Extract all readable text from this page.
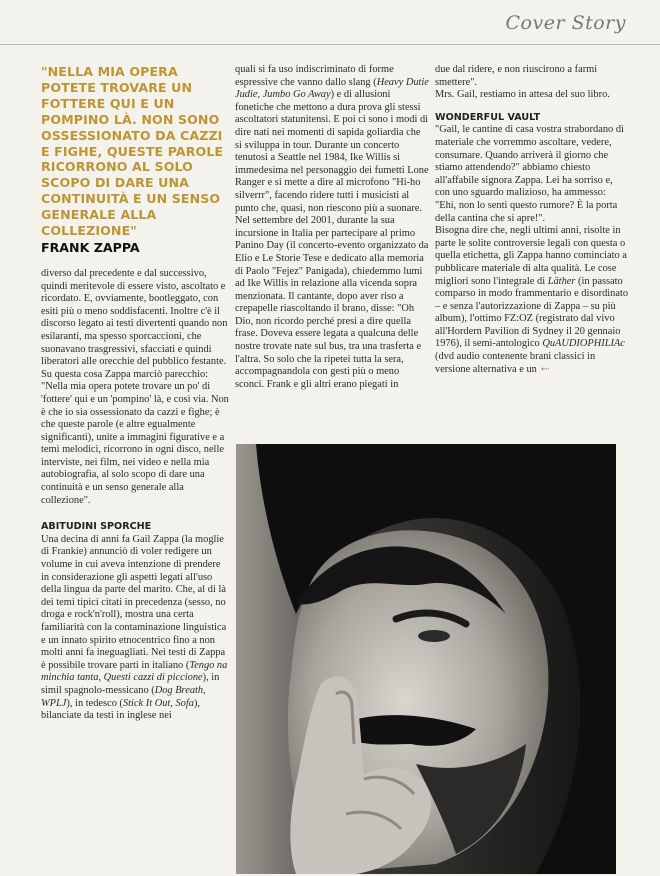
Cover Story

"NELLA MIA OPERA POTETE TROVARE UN FOTTERE QUI E UN POMPINO LÀ. NON SONO OSSESSIONATO DA CAZZI E FIGHE, QUESTE PAROLE RICORRONO AL SOLO SCOPO DI DARE UNA CONTINUITÀ E UN SENSO GENERALE ALLA COLLEZIONE"

FRANK ZAPPA

diverso dal precedente e dal successivo, quindi meritevole di essere visto, ascoltato e ricordato. E, ovviamente, bootleggato, con esiti più o meno soddisfacenti. Inoltre c'è il discorso legato ai testi divertenti quando non esilaranti, ma spesso sporcaccioni, che suonavano trasgressivi, sfacciati e quindi liberatori alle orecchie del pubblico festante. Su questa cosa Zappa marciò parecchio: "Nella mia opera potete trovare un po' di 'fottere' qui e un 'pompino' là, e così via. Non è che io sia ossessionato da cazzi e fighe; è che queste parole (e altre egualmente significanti), unite a immagini figurative e a temi melodici, ricorrono in ogni disco, nelle interviste, nei film, nei video e nella mia autobiografia, al solo scopo di dare una continuità e un senso generale alla collezione".

ABITUDINI SPORCHE

Una decina di anni fa Gail Zappa (la moglie di Frankie) annunciò di voler redigere un volume in cui aveva intenzione di prendere in considerazione gli aspetti legati all'uso della lingua da parte del marito. Che, al di là dei temi tipici citati in precedenza (sesso, no droga e rock'n'roll), mostra una certa familiarità con la contaminazione linguistica e un innato spirito etnocentrico fino a non molti anni fa ineguagliati. Nei testi di Zappa è possibile trovare parti in italiano (Tengo na minchia tanta, Questi cazzi di piccione), in simil spagnolo-messicano (Dog Breath, WPLJ), in tedesco (Stick It Out, Sofa), bilanciate da testi in inglese nei

quali si fa uso indiscriminato di forme espressive che vanno dallo slang (Heavy Dutie Judie, Jumbo Go Away) e di allusioni fonetiche che mettono a dura prova gli stessi ascoltatori statunitensi. E poi ci sono i modi di dire nati nei momenti di sapida goliardia che si sviluppa in tour. Durante un concerto tenutosi a Seattle nel 1984, Ike Willis si immedesima nel personaggio dei fumetti Lone Ranger e si mette a dire al microfono "Hi-ho silverrr", facendo ridere tutti i musicisti al punto che, quasi, non riescono più a suonare. Nel settembre del 2001, durante la sua incursione in Italia per partecipare al primo Panino Day (il concerto-evento organizzato da Elio e Le Storie Tese e dedicato alla memoria di Paolo "Fejez" Panigada), chiedemmo lumi ad Ike Willis in relazione alla vicenda sopra menzionata. Il cantante, dopo aver riso a crepapelle riascoltando il brano, disse: "Oh Dio, non ricordo perché presi a dire quella frase. Doveva essere legata a qualcuna delle nostre trovate nate sul bus, tra una trasferta e l'altra. So solo che la ripetei tutta la sera, accompagnandola con gesti più o meno sconci. Frank e gli altri erano piegati in

due dal ridere, e non riuscirono a farmi smettere".

Mrs. Gail, restiamo in attesa del suo libro.

WONDERFUL VAULT

"Gail, le cantine di casa vostra strabordano di materiale che vorremmo ascoltare, vedere, consumare. Quando arriverà il giorno che stiamo attendendo?" abbiamo chiesto all'affabile signora Zappa. Lei ha sorriso e, con uno sguardo malizioso, ha ammesso: "Ehi, non lo senti questo rumore? È la porta della cantina che si apre!".

Bisogna dire che, negli ultimi anni, risolte in parte le solite controversie legali con questa o quella etichetta, gli Zappa hanno cominciato a pubblicare materiale di alta qualità. Le cose migliori sono l'integrale di Läther (in passato comparso in modo frammentario e disordinato – e senza l'autorizzazione di Zappa – su più album), l'ottimo FZ:OZ (registrato dal vivo all'Hordern Pavilion di Sydney il 20 gennaio 1976), il semi-antologico QuAUDIOPHILIAc (dvd audio contenente brani classici in versione alternativa e un ⇠
